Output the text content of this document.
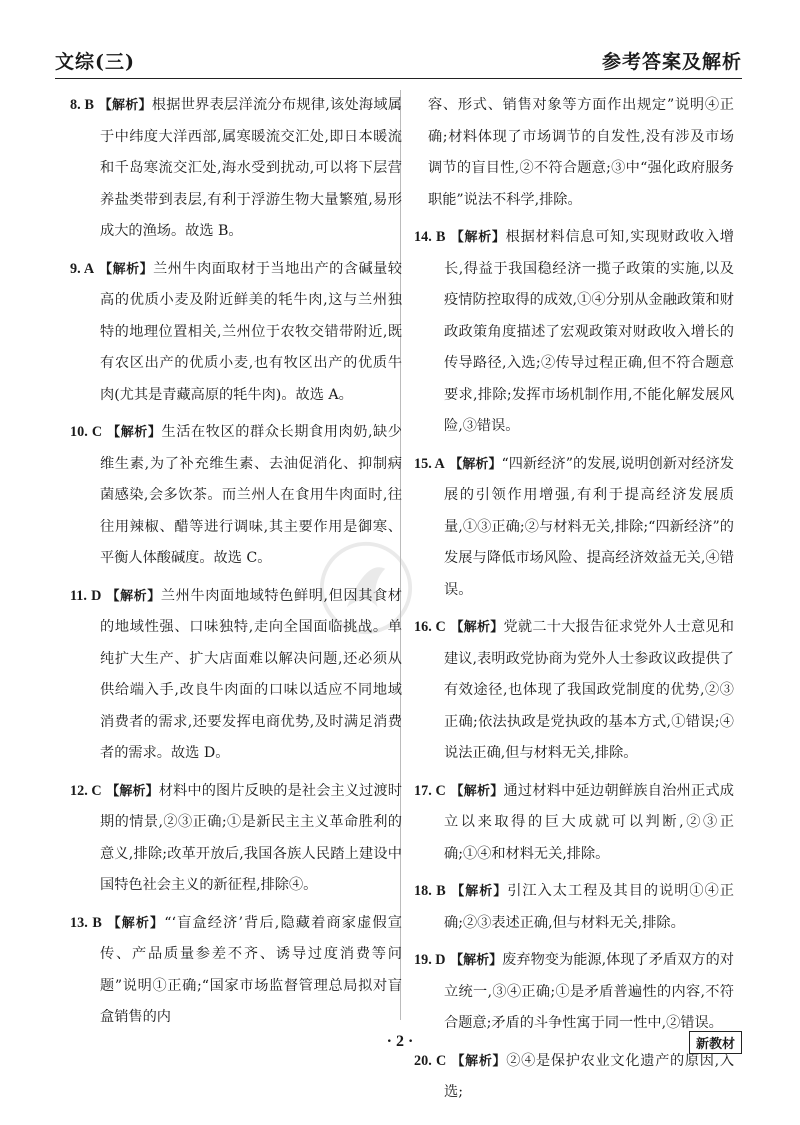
文综(三)	参考答案及解析

8. B 【解析】根据世界表层洋流分布规律,该处海域属于中纬度大洋西部,属寒暖流交汇处,即日本暖流和千岛寒流交汇处,海水受到扰动,可以将下层营养盐类带到表层,有利于浮游生物大量繁殖,易形成大的渔场。故选 B。

9. A 【解析】兰州牛肉面取材于当地出产的含碱量较高的优质小麦及附近鲜美的牦牛肉,这与兰州独特的地理位置相关,兰州位于农牧交错带附近,既有农区出产的优质小麦,也有牧区出产的优质牛肉(尤其是青藏高原的牦牛肉)。故选 A。

10. C 【解析】生活在牧区的群众长期食用肉奶,缺少维生素,为了补充维生素、去油促消化、抑制病菌感染,会多饮茶。而兰州人在食用牛肉面时,往往用辣椒、醋等进行调味,其主要作用是御寒、平衡人体酸碱度。故选 C。

11. D 【解析】兰州牛肉面地域特色鲜明,但因其食材的地域性强、口味独特,走向全国面临挑战。单纯扩大生产、扩大店面难以解决问题,还必须从供给端入手,改良牛肉面的口味以适应不同地域消费者的需求,还要发挥电商优势,及时满足消费者的需求。故选 D。

12. C 【解析】材料中的图片反映的是社会主义过渡时期的情景,②③正确;①是新民主主义革命胜利的意义,排除;改革开放后,我国各族人民踏上建设中国特色社会主义的新征程,排除④。

13. B 【解析】“‘盲盒经济’背后,隐藏着商家虚假宣传、产品质量参差不齐、诱导过度消费等问题”说明①正确;“国家市场监督管理总局拟对盲盒销售的内

容、形式、销售对象等方面作出规定”说明④正确;材料体现了市场调节的自发性,没有涉及市场调节的盲目性,②不符合题意;③中“强化政府服务职能”说法不科学,排除。

14. B 【解析】根据材料信息可知,实现财政收入增长,得益于我国稳经济一揽子政策的实施,以及疫情防控取得的成效,①④分别从金融政策和财政政策角度描述了宏观政策对财政收入增长的传导路径,入选;②传导过程正确,但不符合题意要求,排除;发挥市场机制作用,不能化解发展风险,③错误。

15. A 【解析】“四新经济”的发展,说明创新对经济发展的引领作用增强,有利于提高经济发展质量,①③正确;②与材料无关,排除;“四新经济”的发展与降低市场风险、提高经济效益无关,④错误。

16. C 【解析】党就二十大报告征求党外人士意见和建议,表明政党协商为党外人士参政议政提供了有效途径,也体现了我国政党制度的优势,②③正确;依法执政是党执政的基本方式,①错误;④说法正确,但与材料无关,排除。

17. C 【解析】通过材料中延边朝鲜族自治州正式成立以来取得的巨大成就可以判断,②③正确;①④和材料无关,排除。

18. B 【解析】引江入太工程及其目的说明①④正确;②③表述正确,但与材料无关,排除。

19. D 【解析】废弃物变为能源,体现了矛盾双方的对立统一,③④正确;①是矛盾普遍性的内容,不符合题意;矛盾的斗争性寓于同一性中,②错误。

20. C 【解析】②④是保护农业文化遗产的原因,入选;

· 2 ·	新教材
